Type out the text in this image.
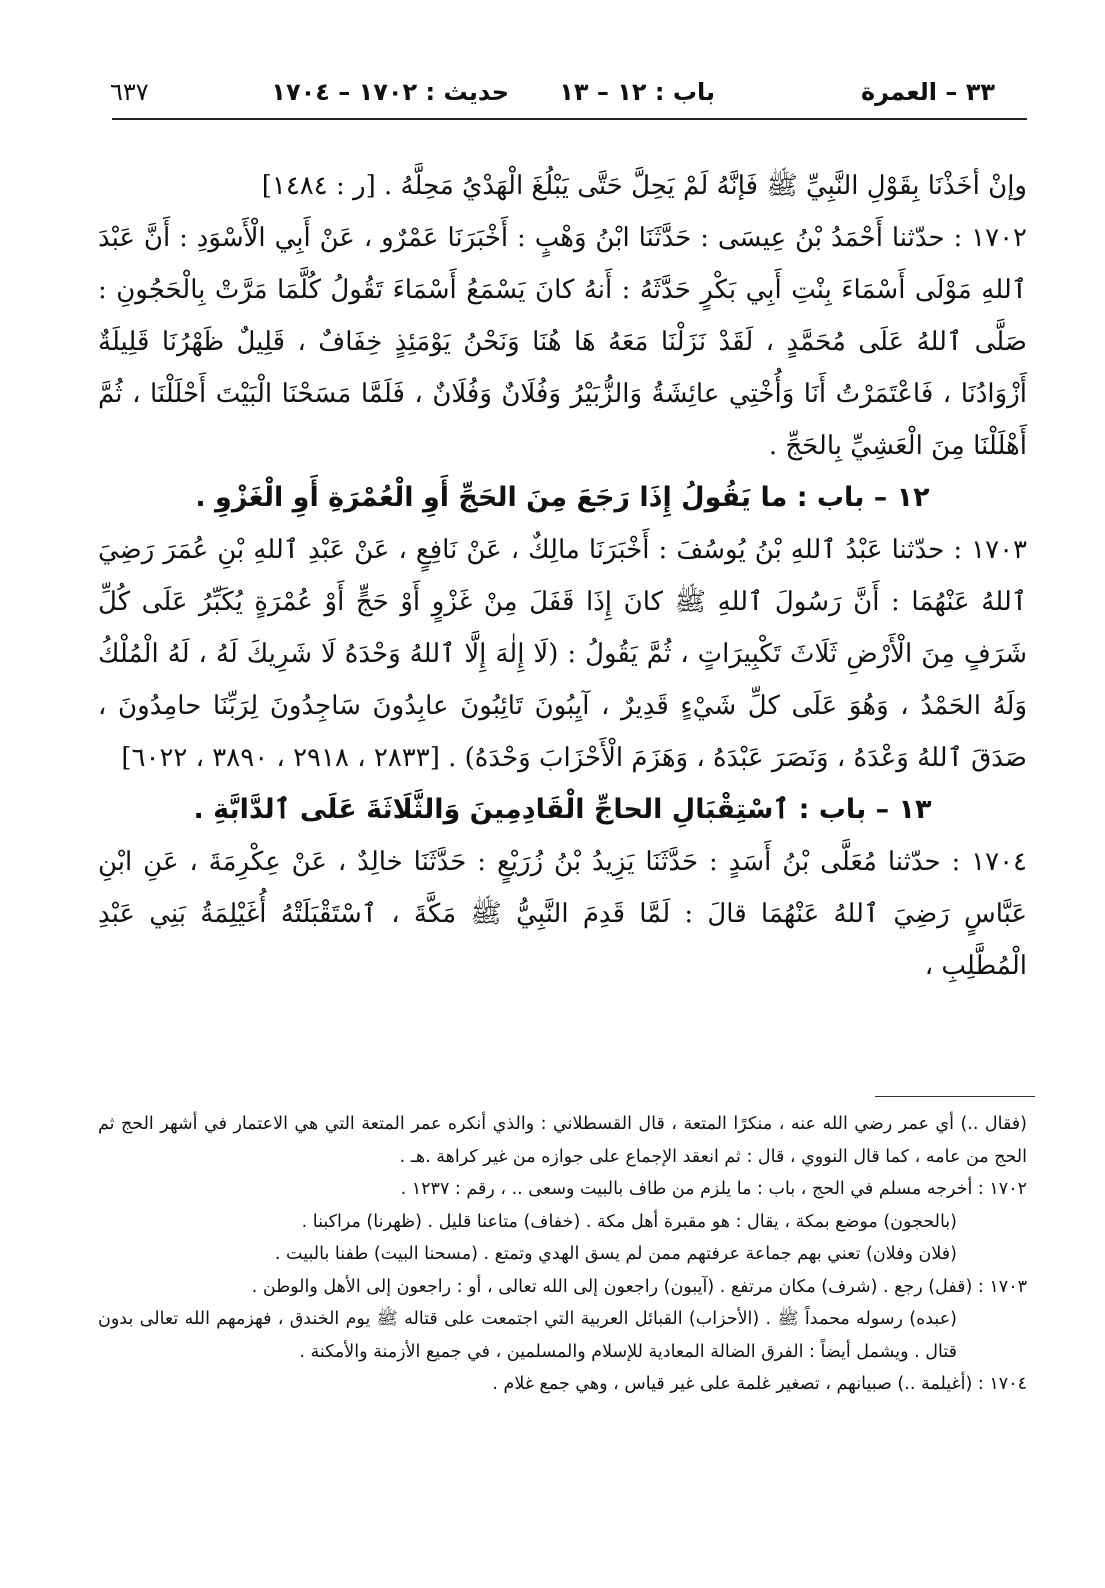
٣٣ – العمرة
باب : ١٢ – ١٣      حديث : ١٧٠٢ – ١٧٠٤
٦٣٧

وإنْ أخَذْنَا بِقَوْلِ النَّبِيِّ ﷺ فَإنَّهُ لَمْ يَحِلَّ حَتَّى يَبْلُغَ الْهَدْيُ مَحِلَّهُ . [ر : ١٤٨٤]

١٧٠٢ : حدّثنا أَحْمَدُ بْنُ عِيسَى : حَدَّثَنَا ابْنُ وَهْبٍ : أَخْبَرَنَا عَمْرٌو ، عَنْ أَبِي الْأَسْوَدِ : أَنَّ عَبْدَ ٱللهِ مَوْلَى أَسْمَاءَ بِنْتِ أَبِي بَكْرٍ حَدَّثَهُ : أَنهُ كانَ يَسْمَعُ أَسْمَاءَ تَقُولُ كُلَّمَا مَرَّتْ بِالْحَجُونِ : صَلَّى ٱللهُ عَلَى مُحَمَّدٍ ، لَقَدْ نَزَلْنَا مَعَهُ هَا هُنَا وَنَحْنُ يَوْمَئِذٍ خِفَافٌ ، قَلِيلٌ ظَهْرُنَا قَلِيلَةٌ أَزْوَادُنَا ، فَاعْتَمَرْتُ أَنَا وَأُخْتِي عائِشَةُ وَالزُّبَيْرُ وَفُلَانٌ وَفُلَانٌ ، فَلَمَّا مَسَحْنَا الْبَيْتَ أَحْلَلْنَا ، ثُمَّ أَهْلَلْنَا مِنَ الْعَشِيِّ بِالحَجِّ .

١٢ – باب : ما يَقُولُ إِذَا رَجَعَ مِنَ الحَجِّ أَوِ الْعُمْرَةِ أَوِ الْغَزْوِ .

١٧٠٣ : حدّثنا عَبْدُ ٱللهِ بْنُ يُوسُفَ : أَخْبَرَنَا مالِكٌ ، عَنْ نَافِعٍ ، عَنْ عَبْدِ ٱللهِ بْنِ عُمَرَ رَضِيَ ٱللهُ عَنْهُمَا : أَنَّ رَسُولَ ٱللهِ ﷺ كانَ إِذَا قَفَلَ مِنْ غَزْوٍ أَوْ حَجٍّ أَوْ عُمْرَةٍ يُكَبِّرُ عَلَى كُلِّ شَرَفٍ مِنَ الْأَرْضِ ثَلَاثَ تَكْبِيرَاتٍ ، ثُمَّ يَقُولُ : (لَا إِلٰهَ إِلَّا ٱللهُ وَحْدَهُ لَا شَرِيكَ لَهُ ، لَهُ الْمُلْكُ وَلَهُ الحَمْدُ ، وَهُوَ عَلَى كلِّ شَيْءٍ قَدِيرٌ ، آيِبُونَ تَائِبُونَ عابِدُونَ سَاجِدُونَ لِرَبِّنَا حامِدُونَ ، صَدَقَ ٱللهُ وَعْدَهُ ، وَنَصَرَ عَبْدَهُ ، وَهَزَمَ الْأَحْزَابَ وَحْدَهُ) . [٢٨٣٣ ، ٢٩١٨ ، ٣٨٩٠ ، ٦٠٢٢]

١٣ – باب : ٱسْتِقْبَالِ الحاجِّ الْقَادِمِينَ وَالثَّلَاثَةَ عَلَى ٱلدَّابَّةِ .

١٧٠٤ : حدّثنا مُعَلَّى بْنُ أَسَدٍ : حَدَّثَنَا يَزِيدُ بْنُ زُرَيْعٍ : حَدَّثَنَا خالِدٌ ، عَنْ عِكْرِمَةَ ، عَنِ ابْنِ عَبَّاسٍ رَضِيَ ٱللهُ عَنْهُمَا قالَ : لَمَّا قَدِمَ النَّبِيُّ ﷺ مَكَّةَ ، ٱسْتَقْبَلَتْهُ أُغَيْلِمَةُ بَنِي عَبْدِ الْمُطَّلِبِ ،

(فقال ..) أي عمر رضي الله عنه ، منكرًا المتعة ، قال القسطلاني : والذي أنكره عمر المتعة التي هي الاعتمار في أشهر الحج ثم الحج من عامه ، كما قال النووي ، قال : ثم انعقد الإجماع على جوازه من غير كراهة .هـ .

١٧٠٢ : أخرجه مسلم في الحج ، باب : ما يلزم من طاف بالبيت وسعى .. ، رقم : ١٢٣٧ .

(بالحجون) موضع بمكة ، يقال : هو مقبرة أهل مكة . (خفاف) متاعنا قليل . (ظهرنا) مراكبنا .

(فلان وفلان) تعني بهم جماعة عرفتهم ممن لم يسق الهدي وتمتع . (مسحنا البيت) طفنا بالبيت .

١٧٠٣ : (قفل) رجع . (شرف) مكان مرتفع . (آيبون) راجعون إلى الله تعالى ، أو : راجعون إلى الأهل والوطن .

(عبده) رسوله محمداً ﷺ . (الأحزاب) القبائل العربية التي اجتمعت على قتاله ﷺ يوم الخندق ، فهزمهم الله تعالى بدون قتال . ويشمل أيضاً : الفرق الضالة المعادية للإسلام والمسلمين ، في جميع الأزمنة والأمكنة .

١٧٠٤ : (أغيلمة ..) صبيانهم ، تصغير غلمة على غير قياس ، وهي جمع غلام .
